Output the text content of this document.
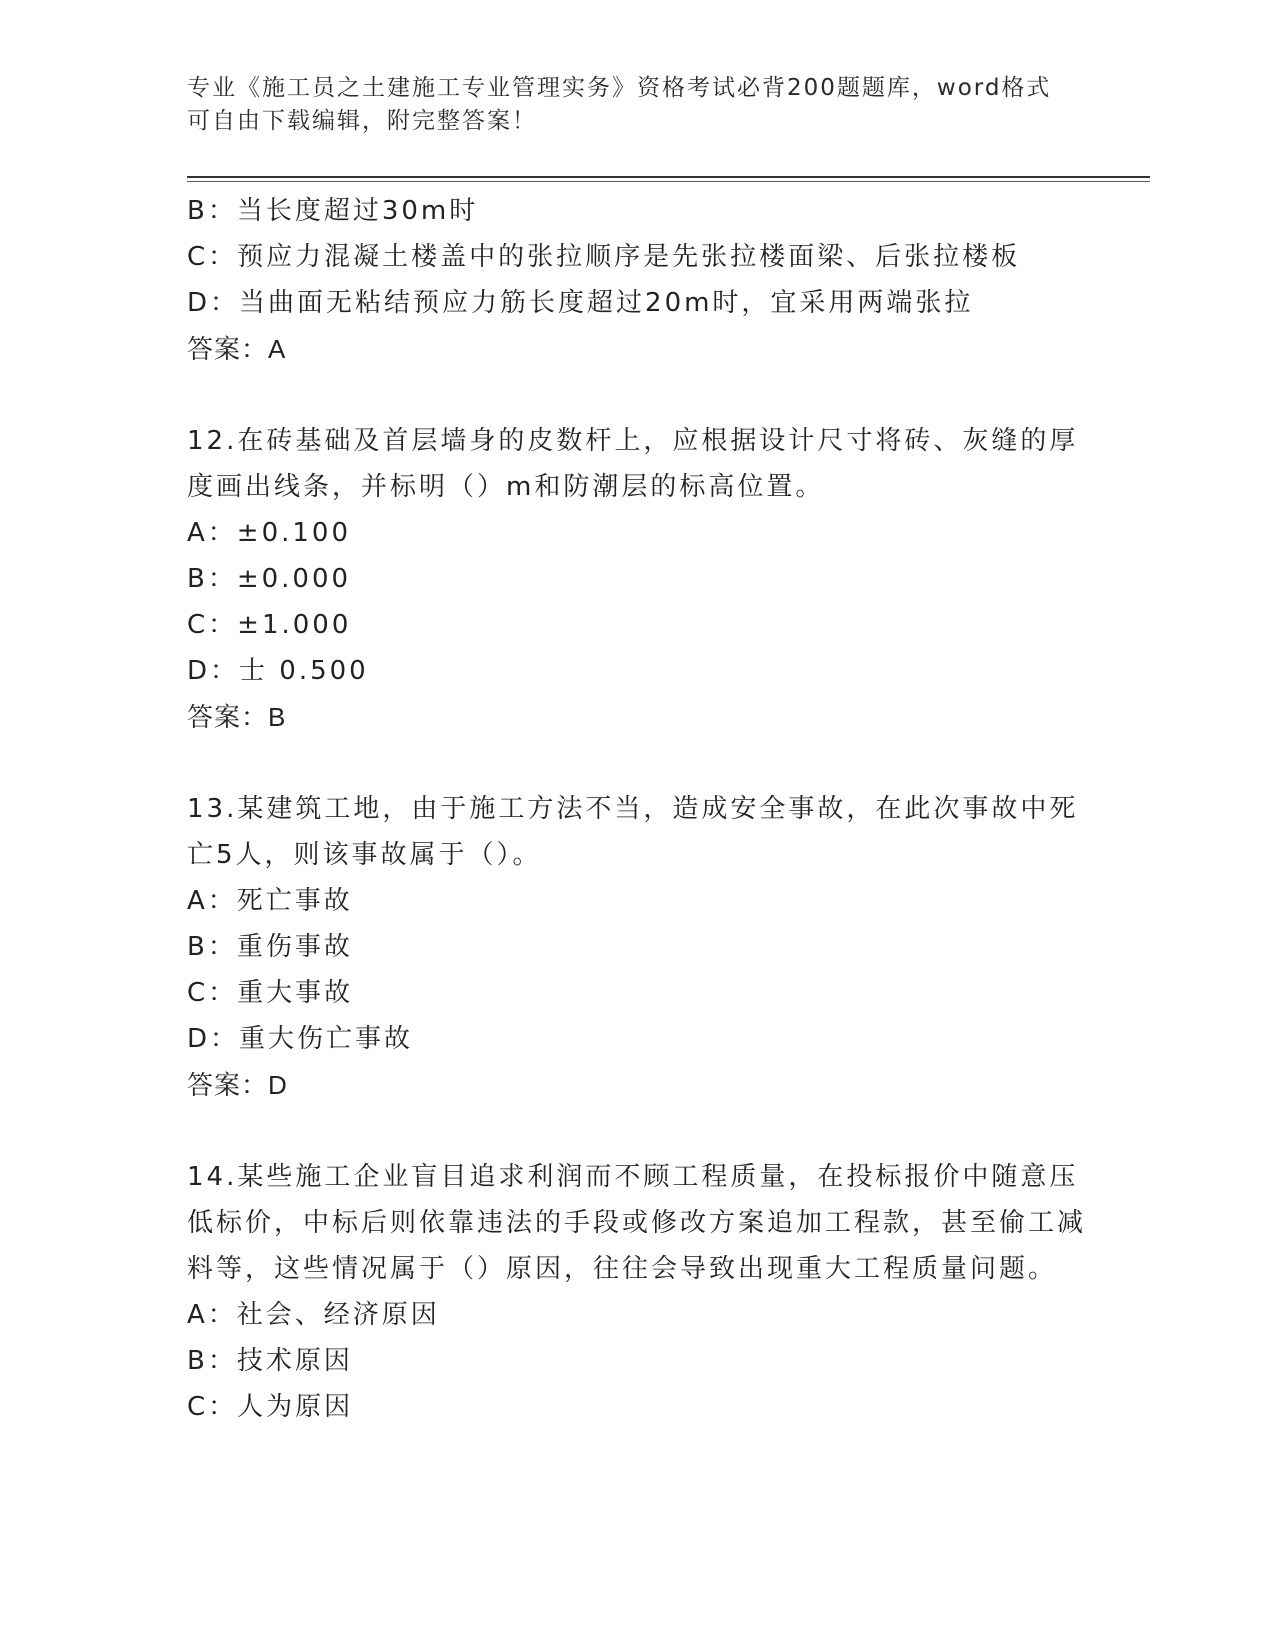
专业《施工员之土建施工专业管理实务》资格考试必背200题题库，word格式可自由下载编辑，附完整答案！
B：当长度超过30m时
C：预应力混凝土楼盖中的张拉顺序是先张拉楼面梁、后张拉楼板
D：当曲面无粘结预应力筋长度超过20m时，宜采用两端张拉
答案：A
12.在砖基础及首层墙身的皮数杆上，应根据设计尺寸将砖、灰缝的厚度画出线条，并标明（）m和防潮层的标高位置。
A：±0.100
B：±0.000
C：±1.000
D：士 0.500
答案：B
13.某建筑工地，由于施工方法不当，造成安全事故，在此次事故中死亡5人，则该事故属于（）。
A：死亡事故
B：重伤事故
C：重大事故
D：重大伤亡事故
答案：D
14.某些施工企业盲目追求利润而不顾工程质量，在投标报价中随意压低标价，中标后则依靠违法的手段或修改方案追加工程款，甚至偷工减料等，这些情况属于（）原因，往往会导致出现重大工程质量问题。
A：社会、经济原因
B：技术原因
C：人为原因
